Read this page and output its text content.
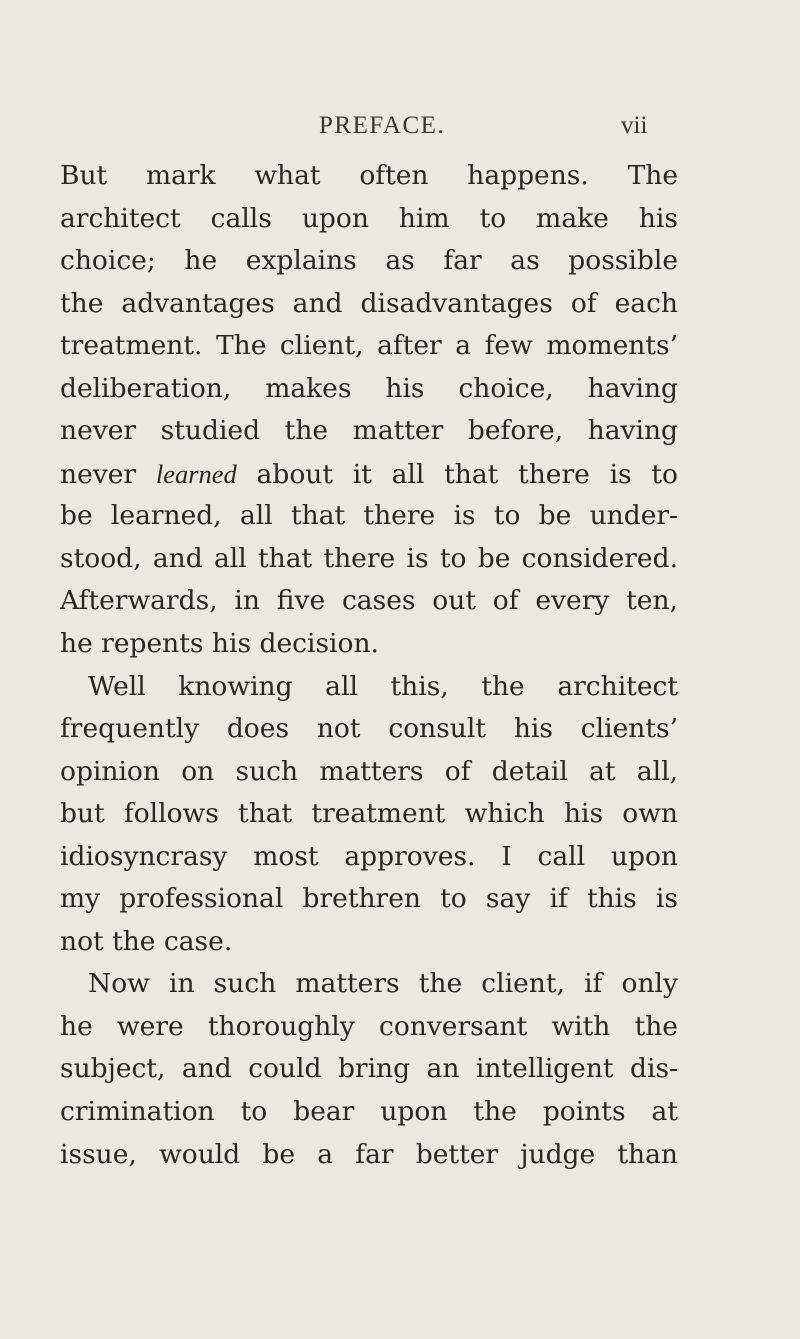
PREFACE.	vii
But mark what often happens. The
architect calls upon him to make his
choice; he explains as far as possible
the advantages and disadvantages of each
treatment. The client, after a few moments’
deliberation, makes his choice, having
never studied the matter before, having
never learned about it all that there is to
be learned, all that there is to be under-
stood, and all that there is to be considered.
Afterwards, in five cases out of every ten,
he repents his decision.
Well knowing all this, the architect
frequently does not consult his clients’
opinion on such matters of detail at all,
but follows that treatment which his own
idiosyncrasy most approves. I call upon
my professional brethren to say if this is
not the case.
Now in such matters the client, if only
he were thoroughly conversant with the
subject, and could bring an intelligent dis-
crimination to bear upon the points at
issue, would be a far better judge than
